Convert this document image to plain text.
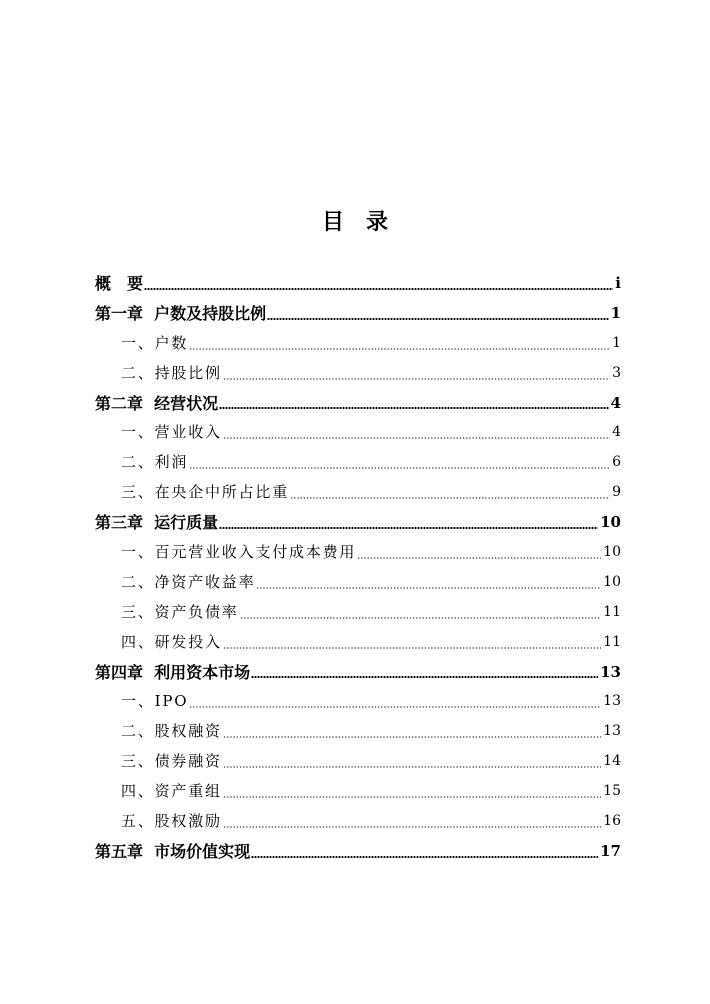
目　录
概　要	i
第一章  户数及持股比例	1
一、户数	1
二、持股比例	3
第二章  经营状况	4
一、营业收入	4
二、利润	6
三、在央企中所占比重	9
第三章  运行质量	10
一、百元营业收入支付成本费用	10
二、净资产收益率	10
三、资产负债率	11
四、研发投入	11
第四章  利用资本市场	13
一、IPO	13
二、股权融资	13
三、债券融资	14
四、资产重组	15
五、股权激励	16
第五章  市场价值实现	17
